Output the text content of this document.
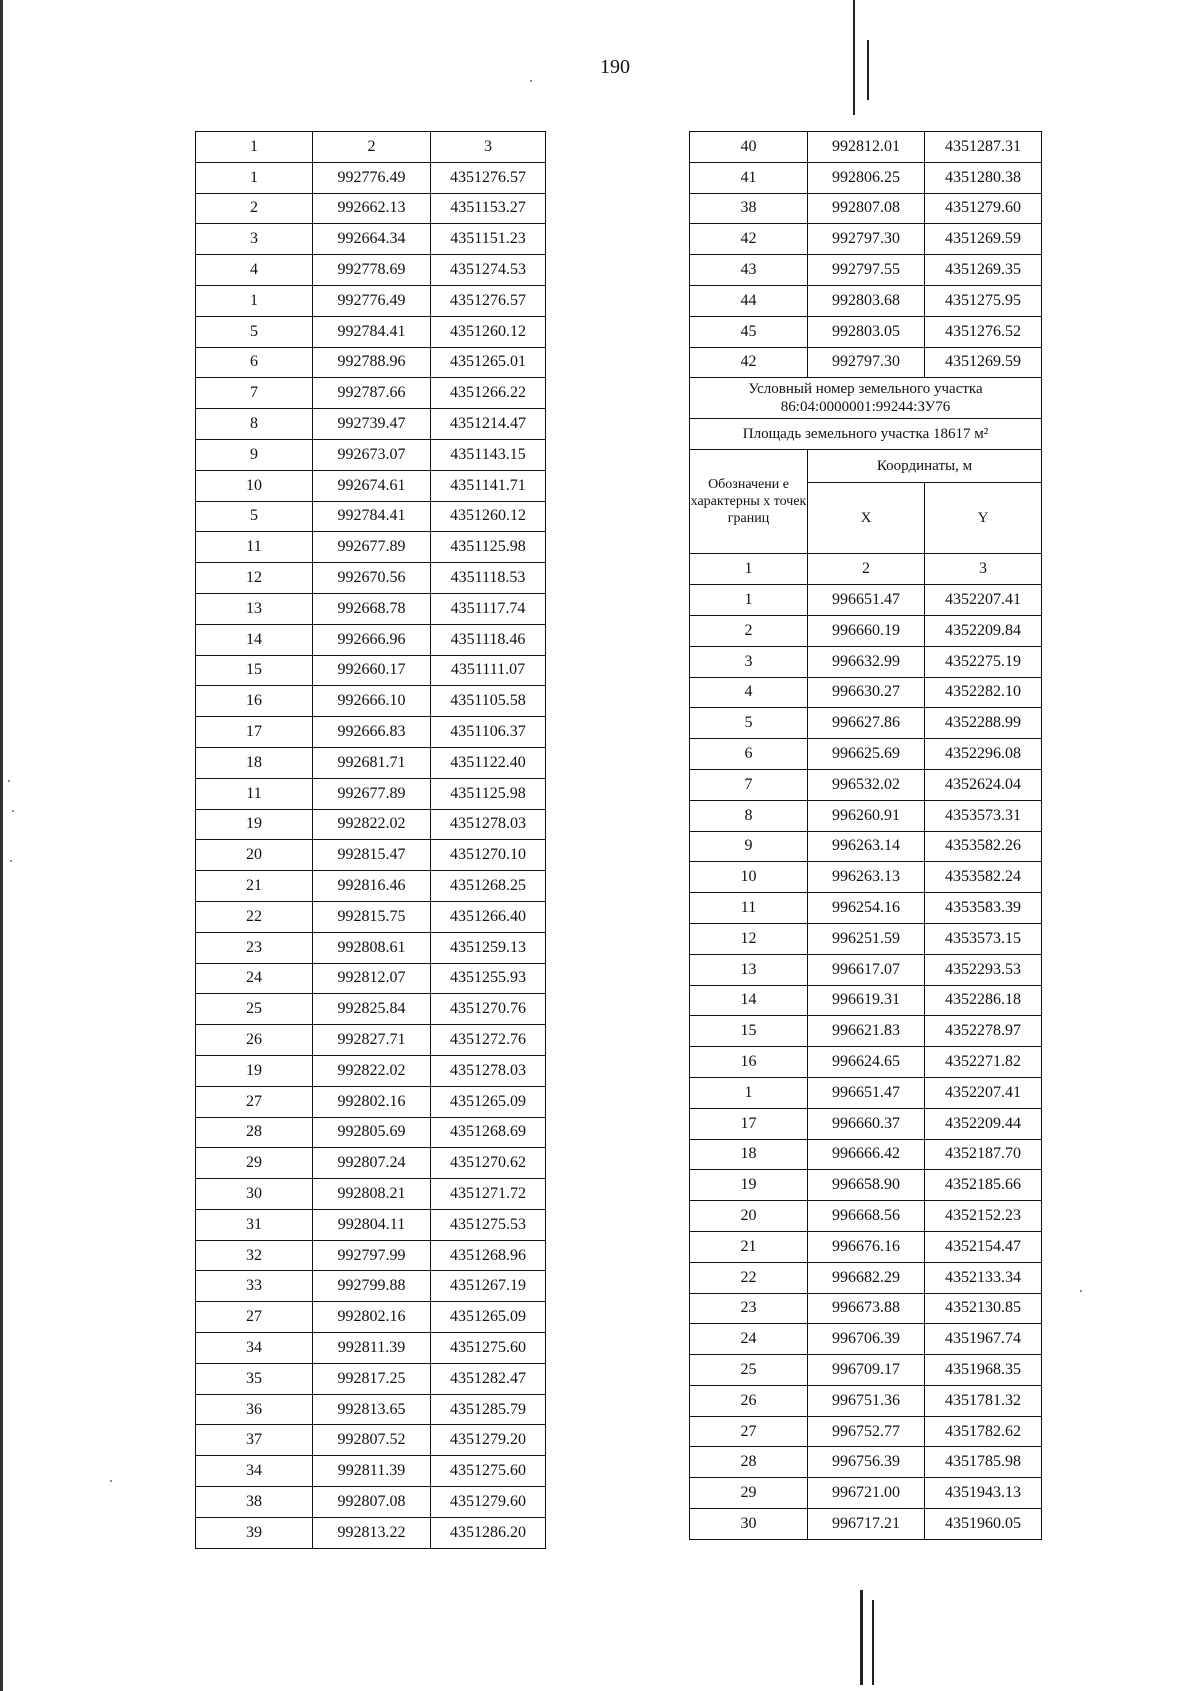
190
1	2	3
1	992776.49	4351276.57
2	992662.13	4351153.27
3	992664.34	4351151.23
4	992778.69	4351274.53
1	992776.49	4351276.57
5	992784.41	4351260.12
6	992788.96	4351265.01
7	992787.66	4351266.22
8	992739.47	4351214.47
9	992673.07	4351143.15
10	992674.61	4351141.71
5	992784.41	4351260.12
11	992677.89	4351125.98
12	992670.56	4351118.53
13	992668.78	4351117.74
14	992666.96	4351118.46
15	992660.17	4351111.07
16	992666.10	4351105.58
17	992666.83	4351106.37
18	992681.71	4351122.40
11	992677.89	4351125.98
19	992822.02	4351278.03
20	992815.47	4351270.10
21	992816.46	4351268.25
22	992815.75	4351266.40
23	992808.61	4351259.13
24	992812.07	4351255.93
25	992825.84	4351270.76
26	992827.71	4351272.76
19	992822.02	4351278.03
27	992802.16	4351265.09
28	992805.69	4351268.69
29	992807.24	4351270.62
30	992808.21	4351271.72
31	992804.11	4351275.53
32	992797.99	4351268.96
33	992799.88	4351267.19
27	992802.16	4351265.09
34	992811.39	4351275.60
35	992817.25	4351282.47
36	992813.65	4351285.79
37	992807.52	4351279.20
34	992811.39	4351275.60
38	992807.08	4351279.60
39	992813.22	4351286.20
40	992812.01	4351287.31
41	992806.25	4351280.38
38	992807.08	4351279.60
42	992797.30	4351269.59
43	992797.55	4351269.35
44	992803.68	4351275.95
45	992803.05	4351276.52
42	992797.30	4351269.59

Условный номер земельного участка
86:04:0000001:99244:ЗУ76		

Площадь земельного участка 18617 м²		
Обозначени е характерны х точек границ	Координаты, м	
	X	Y
1	2	3
1	996651.47	4352207.41
2	996660.19	4352209.84
3	996632.99	4352275.19
4	996630.27	4352282.10
5	996627.86	4352288.99
6	996625.69	4352296.08
7	996532.02	4352624.04
8	996260.91	4353573.31
9	996263.14	4353582.26
10	996263.13	4353582.24
11	996254.16	4353583.39
12	996251.59	4353573.15
13	996617.07	4352293.53
14	996619.31	4352286.18
15	996621.83	4352278.97
16	996624.65	4352271.82
1	996651.47	4352207.41
17	996660.37	4352209.44
18	996666.42	4352187.70
19	996658.90	4352185.66
20	996668.56	4352152.23
21	996676.16	4352154.47
22	996682.29	4352133.34
23	996673.88	4352130.85
24	996706.39	4351967.74
25	996709.17	4351968.35
26	996751.36	4351781.32
27	996752.77	4351782.62
28	996756.39	4351785.98
29	996721.00	4351943.13
30	996717.21	4351960.05
